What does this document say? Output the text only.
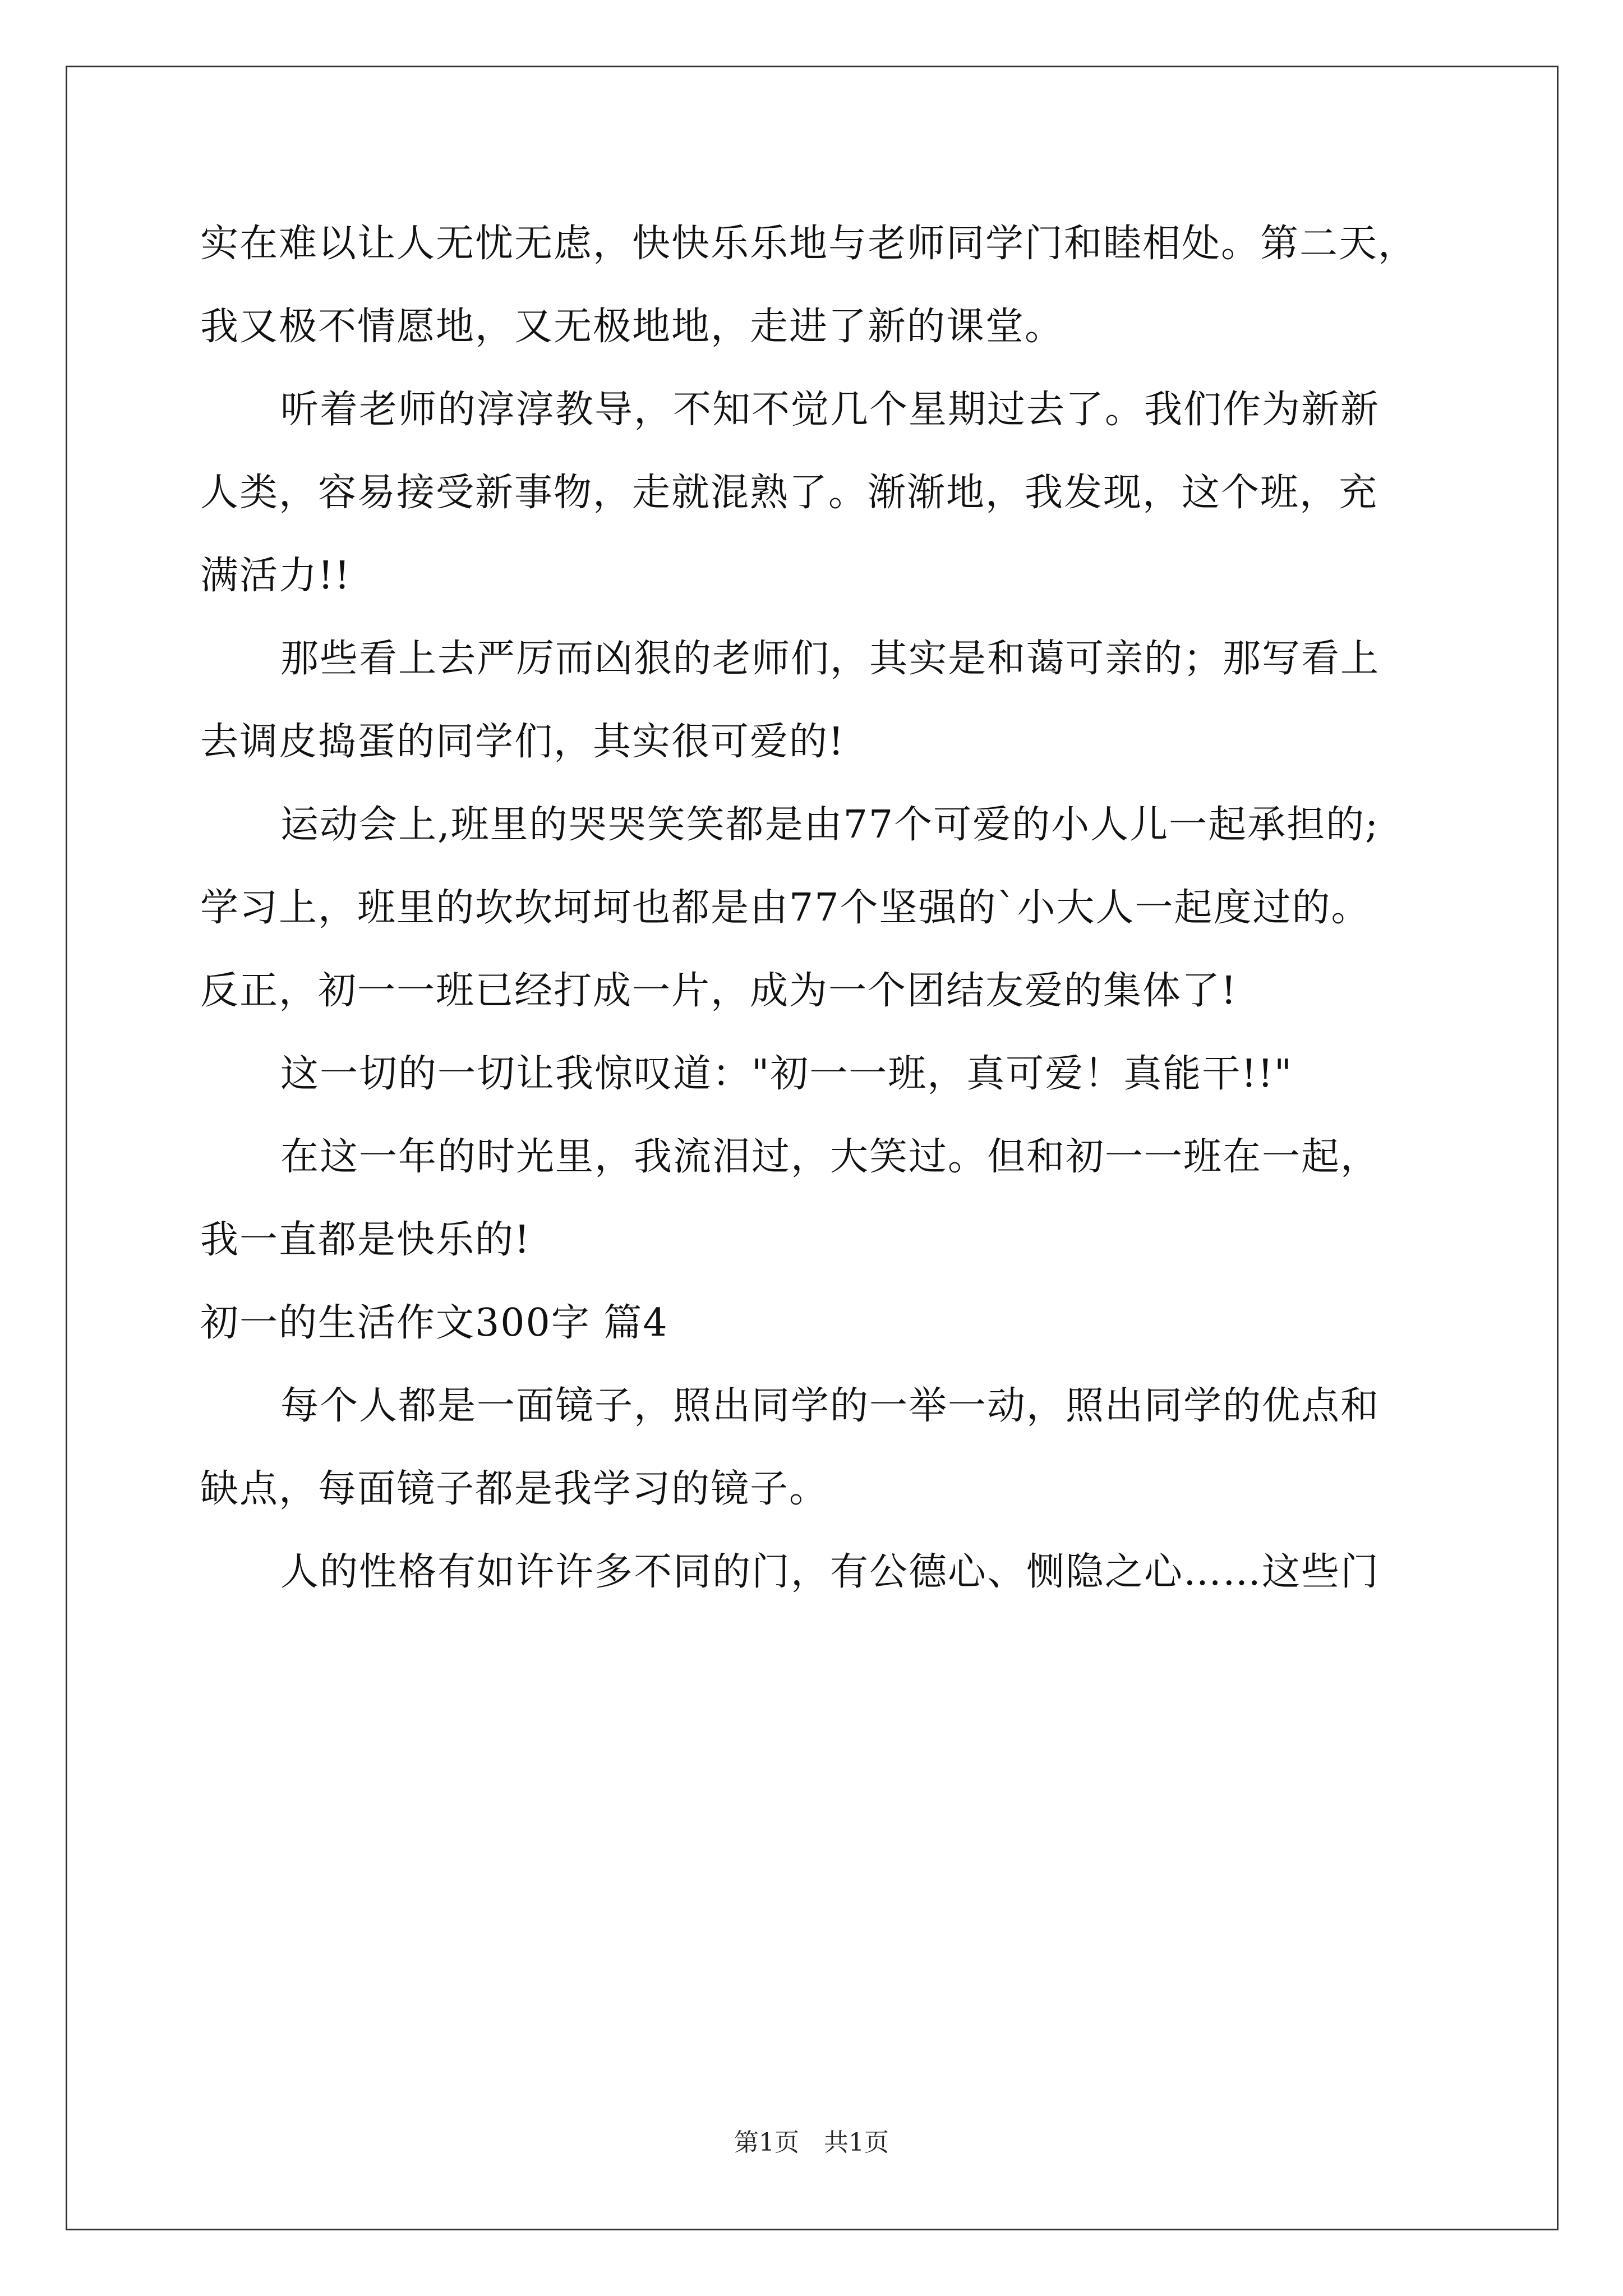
实在难以让人无忧无虑，快快乐乐地与老师同学门和睦相处。第二天，
我又极不情愿地，又无极地地，走进了新的课堂。
听着老师的淳淳教导，不知不觉几个星期过去了。我们作为新新
人类，容易接受新事物，走就混熟了。渐渐地，我发现，这个班，充
满活力!!
那些看上去严厉而凶狠的老师们，其实是和蔼可亲的；那写看上
去调皮捣蛋的同学们，其实很可爱的!
运动会上,班里的哭哭笑笑都是由77个可爱的小人儿一起承担的;
学习上，班里的坎坎坷坷也都是由77个坚强的`小大人一起度过的。
反正，初一一班已经打成一片，成为一个团结友爱的集体了!
这一切的一切让我惊叹道："初一一班，真可爱！真能干!!"
在这一年的时光里，我流泪过，大笑过。但和初一一班在一起，
我一直都是快乐的!
初一的生活作文300字 篇4
每个人都是一面镜子，照出同学的一举一动，照出同学的优点和
缺点，每面镜子都是我学习的镜子。
人的性格有如许许多不同的门，有公德心、恻隐之心……这些门
第1页　共1页
